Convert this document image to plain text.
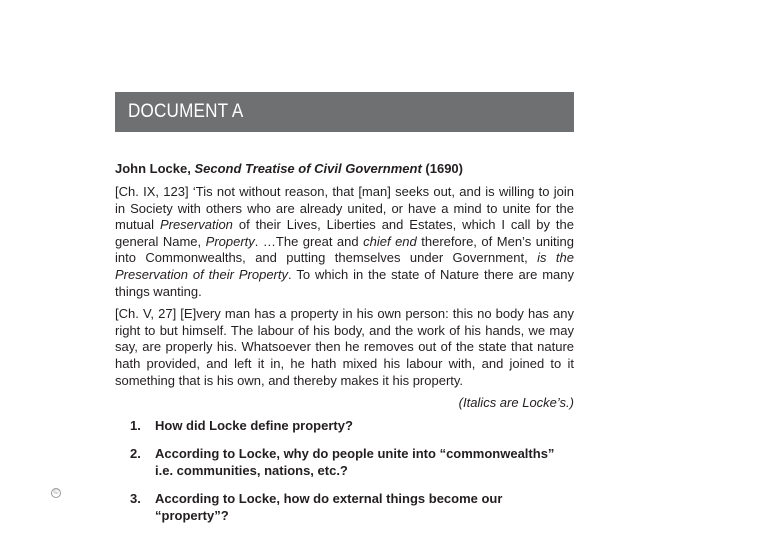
DOCUMENT A

John Locke, Second Treatise of Civil Government (1690)

[Ch. IX, 123] ‘Tis not without reason, that [man] seeks out, and is willing to join in Society with others who are already united, or have a mind to unite for the mutual Preservation of their Lives, Liberties and Estates, which I call by the general Name, Property. …The great and chief end therefore, of Men’s uniting into Commonwealths, and putting themselves under Government, is the Preservation of their Property. To which in the state of Nature there are many things wanting.

[Ch. V, 27] [E]very man has a property in his own person: this no body has any right to but himself. The labour of his body, and the work of his hands, we may say, are properly his. Whatsoever then he removes out of the state that nature hath provided, and left it in, he hath mixed his labour with, and joined to it something that is his own, and thereby makes it his property.

(Italics are Locke’s.)

1.	How did Locke define property?
2.	According to Locke, why do people unite into “commonwealths” i.e. communities, nations, etc.?
3.	According to Locke, how do external things become our “property”?
©
